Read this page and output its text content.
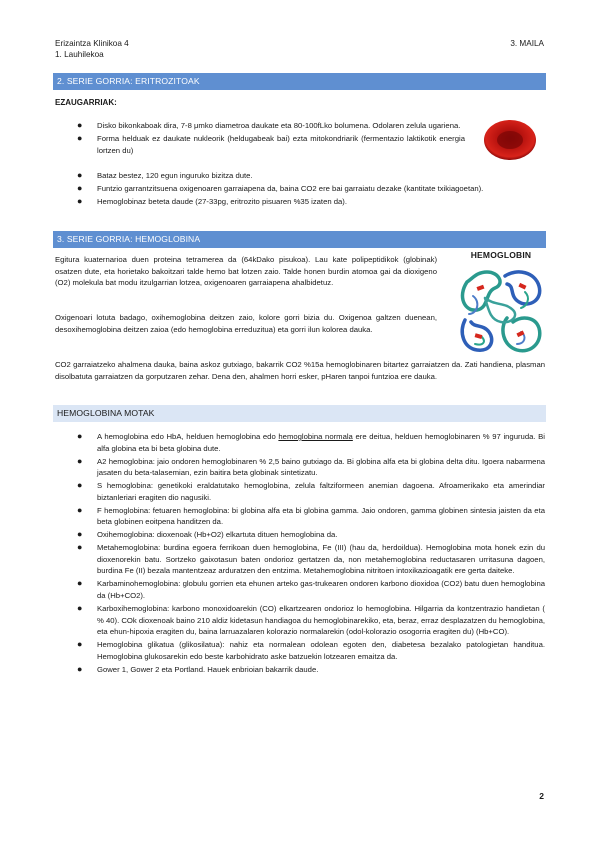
Erizaintza Klinikoa 4
1. Lauhilekoa
3. MAILA
2. SERIE GORRIA: ERITROZITOAK
EZAUGARRIAK:
● Disko bikonkaboak dira, 7-8 μmko diametroa daukate eta 80-100fLko bolumena. Odolaren zelula ugariena.
● Forma helduak ez daukate nukleorik (heldugabeak bai) ezta mitokondriarik (fermentazio laktikotik energia lortzen du)
● Bataz bestez, 120 egun inguruko bizitza dute.
● Funtzio garrantzitsuena oxigenoaren garraiapena da, baina CO2 ere bai garraiatu dezake (kantitate txikiagoetan).
● Hemoglobinaz beteta daude (27-33pg, eritrozito pisuaren %35 izaten da).
3. SERIE GORRIA: HEMOGLOBINA

Egitura kuaternarioa duen proteina tetramerea da (64kDako pisukoa). Lau kate polipeptidikok (globinak) osatzen dute, eta horietako bakoitzari talde hemo bat lotzen zaio. Talde honen burdin atomoa gai da dioxigeno (O2) molekula bat modu itzulgarrian lotzea, oxigenoaren garraiapena ahalbidetuz.

Oxigenoari lotuta badago, oxihemoglobina deitzen zaio, kolore gorri bizia du. Oxigenoa galtzen duenean, desoxihemoglobina deitzen zaioa (edo hemoglobina erreduzitua) eta gorri ilun kolorea dauka.

CO2 garraiatzeko ahalmena dauka, baina askoz gutxiago, bakarrik CO2 %15a hemoglobinaren bitartez garraiatzen da. Zati handiena, plasman disolbatuta garraiatzen da gorputzaren zehar. Dena den, ahalmen horri esker, pHaren tanpoi funtzioa ere dauka.

HEMOGLOBIN
HEMOGLOBINA MOTAK
● A hemoglobina edo HbA, helduen hemoglobina edo hemoglobina normala ere deitua, helduen hemoglobinaren % 97 inguruda. Bi alfa globina eta bi beta globina dute.
● A2 hemoglobina: jaio ondoren hemoglobinaren % 2,5 baino gutxiago da. Bi globina alfa eta bi globina delta ditu. Igoera nabarmena jasaten du beta-talasemian, ezin baitira beta globinak sintetizatu.
● S hemoglobina: genetikoki eraldatutako hemoglobina, zelula faltziformeen anemian dagoena. Afroamerikako eta amerindiar biztanleriari eragiten dio nagusiki.
● F hemoglobina: fetuaren hemoglobina: bi globina alfa eta bi globina gamma. Jaio ondoren, gamma globinen sintesia jaisten da eta beta globinen eoitpena handitzen da.
● Oxihemoglobina: dioxenoak (Hb+O2) elkartuta dituen hemoglobina da.
● Metahemoglobina: burdina egoera ferrikoan duen hemoglobina, Fe (III) (hau da, herdoildua). Hemoglobina mota honek ezin du dioxenorekin batu. Sortzeko gaixotasun baten ondorioz gertatzen da, non metahemoglobina reductasaren urritasuna dagoen, burdina Fe (II) bezala mantentzeaz arduratzen den entzima. Metahemoglobina nitritoen intoxikazioagatik ere gerta daiteke.
● Karbaminohemoglobina: globulu gorrien eta ehunen arteko gas-trukearen ondoren karbono dioxidoa (CO2) batu duen hemoglobina da (Hb+CO2).
● Karboxihemoglobina: karbono monoxidoarekin (CO) elkartzearen ondorioz lo hemoglobina. Hilgarria da kontzentrazio handietan ( % 40). COk dioxenoak baino 210 aldiz kidetasun handiagoa du hemoglobinarekiko, eta, beraz, erraz desplazatzen du hemoglobina, eta ehun-hipoxia eragiten du, baina larruazalaren kolorazio normalarekin (odol-kolorazio osogorria eragiten du) (Hb+CO).
● Hemoglobina glikatua (glikosilatua): nahiz eta normalean odolean egoten den, diabetesa bezalako patologietan handitua. Hemoglobina glukosarekin edo beste karbohidrato aske batzuekin lotzearen emaitza da.
● Gower 1, Gower 2 eta Portland. Hauek enbrioian bakarrik daude.
2
